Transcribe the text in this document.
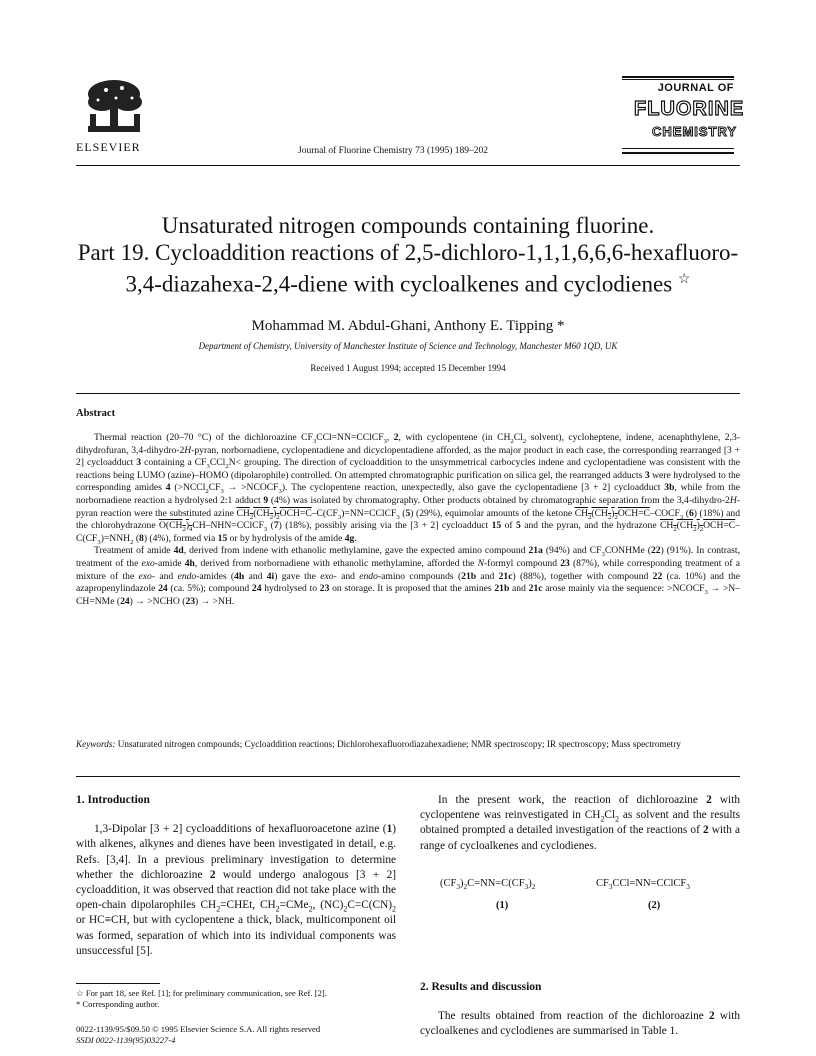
ELSEVIER	Journal of Fluorine Chemistry 73 (1995) 189–202
JOURNAL OF
FLUORINE
CHEMISTRY
Unsaturated nitrogen compounds containing fluorine.
Part 19. Cycloaddition reactions of 2,5-dichloro-1,1,1,6,6,6-hexafluoro-
3,4-diazahexa-2,4-diene with cycloalkenes and cyclodienes ☆
Mohammad M. Abdul-Ghani, Anthony E. Tipping *
Department of Chemistry, University of Manchester Institute of Science and Technology, Manchester M60 1QD, UK
Received 1 August 1994; accepted 15 December 1994
Abstract

Thermal reaction (20–70 °C) of the dichloroazine $CF_3CCl=NN=CClCF_3$, 2, with cyclopentene (in $CH_2Cl_2$ solvent), cycloheptene, indene, acenaphthylene, 2,3-dihydrofuran, 3,4-dihydro-2H-pyran, norbornadiene, cyclopentadiene and dicyclopentadiene afforded, as the major product in each case, the corresponding rearranged [3 + 2] cycloadduct 3 containing a $CF_3CCl_2N<$ grouping. The direction of cycloaddition to the unsymmetrical carbocycles indene and cyclopentadiene was consistent with the reactions being LUMO (azine)–HOMO (dipolarophile) controlled. On attempted chromatographic purification on silica gel, the rearranged adducts 3 were hydrolysed to the corresponding amides 4 ($>NCCl_2CF_3$ → $>NCOCF_3$). The cyclopentene reaction, unexpectedly, also gave the cyclopentadiene [3 + 2] cycloadduct 3b, while from the norbornadiene reaction a hydrolysed 2:1 adduct 9 (4%) was isolated by chromatography. Other products obtained by chromatographic separation from the 3,4-dihydro-2H-pyran reaction were the substituted azine $CH_2(CH_2)_2OCH=C-C(CF_3)=NN=CClCF_3$ (5) (29%), equimolar amounts of the ketone $CH_2(CH_2)_2OCH=C-COCF_3$ (6) (18%) and the chlorohydrazone $O(CH_2)_4CH-NHN=CClCF_3$ (7) (18%), possibly arising via the [3 + 2] cycloadduct 15 of 5 and the pyran, and the hydrazone $CH_2(CH_2)_2OCH=C-C(CF_3)=NNH_2$ (8) (4%), formed via 15 or by hydrolysis of the amide 4g.

Treatment of amide 4d, derived from indene with ethanolic methylamine, gave the expected amino compound 21a (94%) and $CF_3CONHMe$ (22) (91%). In contrast, treatment of the exo-amide 4h, derived from norbornadiene with ethanolic methylamine, afforded the N-formyl compound 23 (87%), while corresponding treatment of a mixture of the exo- and endo-amides (4h and 4i) gave the exo- and endo-amino compounds (21b and 21c) (88%), together with compound 22 (ca. 10%) and the azapropenylindazole 24 (ca. 5%); compound 24 hydrolysed to 23 on storage. It is proposed that the amines 21b and 21c arose mainly via the sequence: $>NCOCF_3 \to >N-CH=NMe$ (24) → >NCHO (23) → >NH.

Keywords: Unsaturated nitrogen compounds; Cycloaddition reactions; Dichlorohexafluorodiazahexadiene; NMR spectroscopy; IR spectroscopy; Mass spectrometry

1. Introduction

1,3-Dipolar [3 + 2] cycloadditions of hexafluoroacetone azine (1) with alkenes, alkynes and dienes have been investigated in detail, e.g. Refs. [3,4]. In a previous preliminary investigation to determine whether the dichloroazine 2 would undergo analogous [3 + 2] cycloaddition, it was observed that reaction did not take place with the open-chain dipolarophiles $CH_2=CHEt$, $CH_2=CMe_2$, $(NC)_2C=C(CN)_2$ or HC≡CH, but with cyclopentene a thick, black, multicomponent oil was formed, separation of which into its individual components was unsuccessful [5].

☆ For part 18, see Ref. [1]; for preliminary communication, see Ref. [2].
* Corresponding author.
0022-1139/95/$09.50 © 1995 Elsevier Science S.A. All rights reserved
SSDI 0022-1139(95)03227-4

In the present work, the reaction of dichloroazine 2 with cyclopentene was reinvestigated in $CH_2Cl_2$ as solvent and the results obtained prompted a detailed investigation of the reactions of 2 with a range of cycloalkenes and cyclodienes.

$(CF_3)_2C=NN=C(CF_3)_2$	$CF_3CCl=NN=CClCF_3$
(1)	(2)

2. Results and discussion

The results obtained from reaction of the dichloroazine 2 with cycloalkenes and cyclodienes are summarised in Table 1.
